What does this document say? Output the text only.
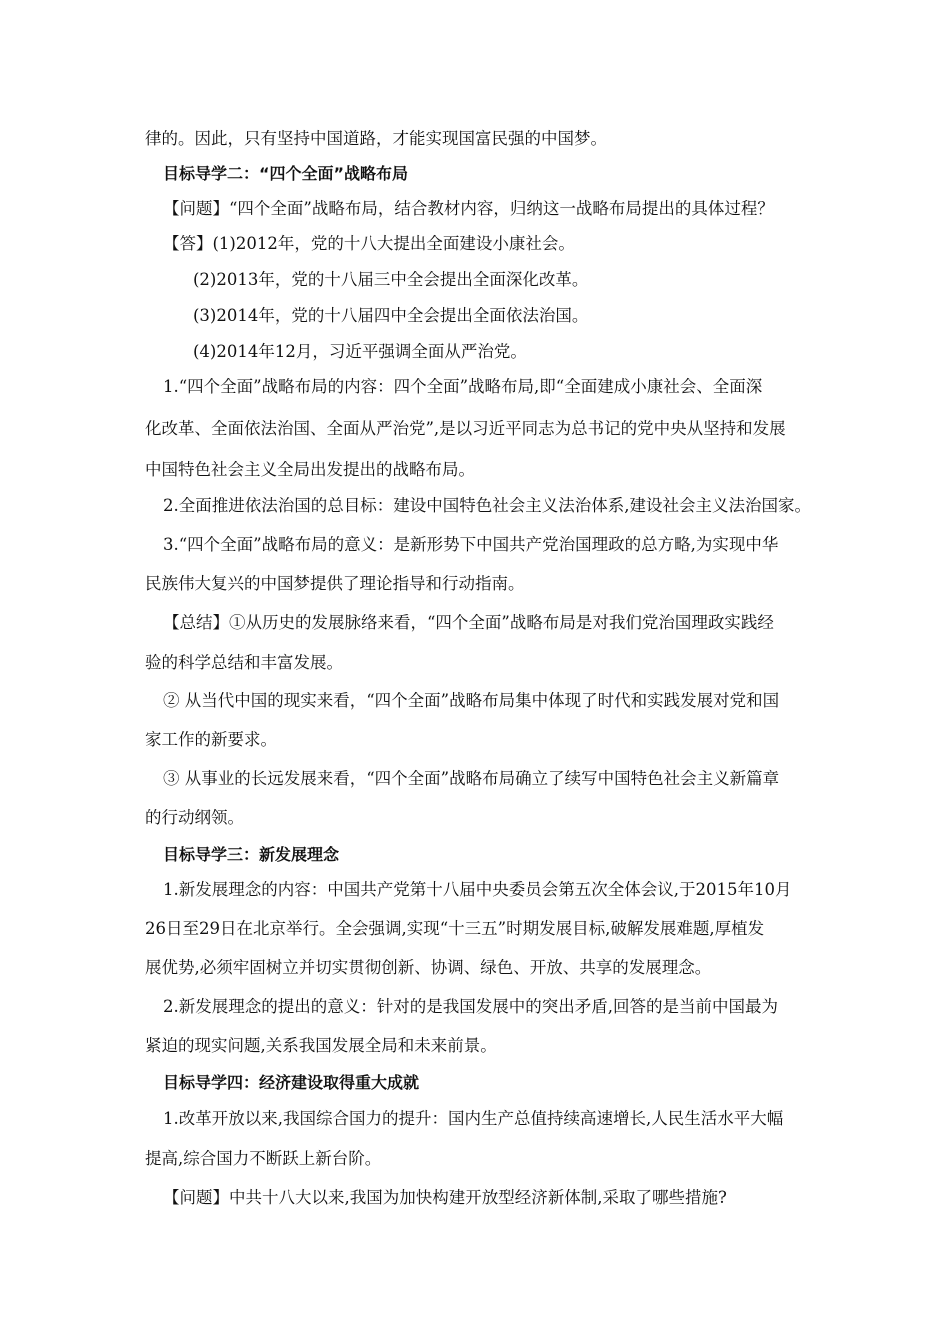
律的。因此，只有坚持中国道路，才能实现国富民强的中国梦。
目标导学二：“四个全面”战略布局
【问题】“四个全面”战略布局，结合教材内容，归纳这一战略布局提出的具体过程？
【答】(1)2012年，党的十八大提出全面建设小康社会。
(2)2013年，党的十八届三中全会提出全面深化改革。
(3)2014年，党的十八届四中全会提出全面依法治国。
(4)2014年12月，习近平强调全面从严治党。
1.“四个全面”战略布局的内容：四个全面”战略布局,即“全面建成小康社会、全面深
化改革、全面依法治国、全面从严治党”,是以习近平同志为总书记的党中央从坚持和发展
中国特色社会主义全局出发提出的战略布局。
2.全面推进依法治国的总目标：建设中国特色社会主义法治体系,建设社会主义法治国家。
3.“四个全面”战略布局的意义：是新形势下中国共产党治国理政的总方略,为实现中华
民族伟大复兴的中国梦提供了理论指导和行动指南。
【总结】①从历史的发展脉络来看，“四个全面”战略布局是对我们党治国理政实践经
验的科学总结和丰富发展。
② 从当代中国的现实来看，“四个全面”战略布局集中体现了时代和实践发展对党和国
家工作的新要求。
③ 从事业的长远发展来看，“四个全面”战略布局确立了续写中国特色社会主义新篇章
的行动纲领。
目标导学三：新发展理念
1.新发展理念的内容：中国共产党第十八届中央委员会第五次全体会议,于2015年10月
26日至29日在北京举行。全会强调,实现“十三五”时期发展目标,破解发展难题,厚植发
展优势,必须牢固树立并切实贯彻创新、协调、绿色、开放、共享的发展理念。
2.新发展理念的提出的意义：针对的是我国发展中的突出矛盾,回答的是当前中国最为
紧迫的现实问题,关系我国发展全局和未来前景。
目标导学四：经济建设取得重大成就
1.改革开放以来,我国综合国力的提升：国内生产总值持续高速增长,人民生活水平大幅
提高,综合国力不断跃上新台阶。
【问题】中共十八大以来,我国为加快构建开放型经济新体制,采取了哪些措施?
